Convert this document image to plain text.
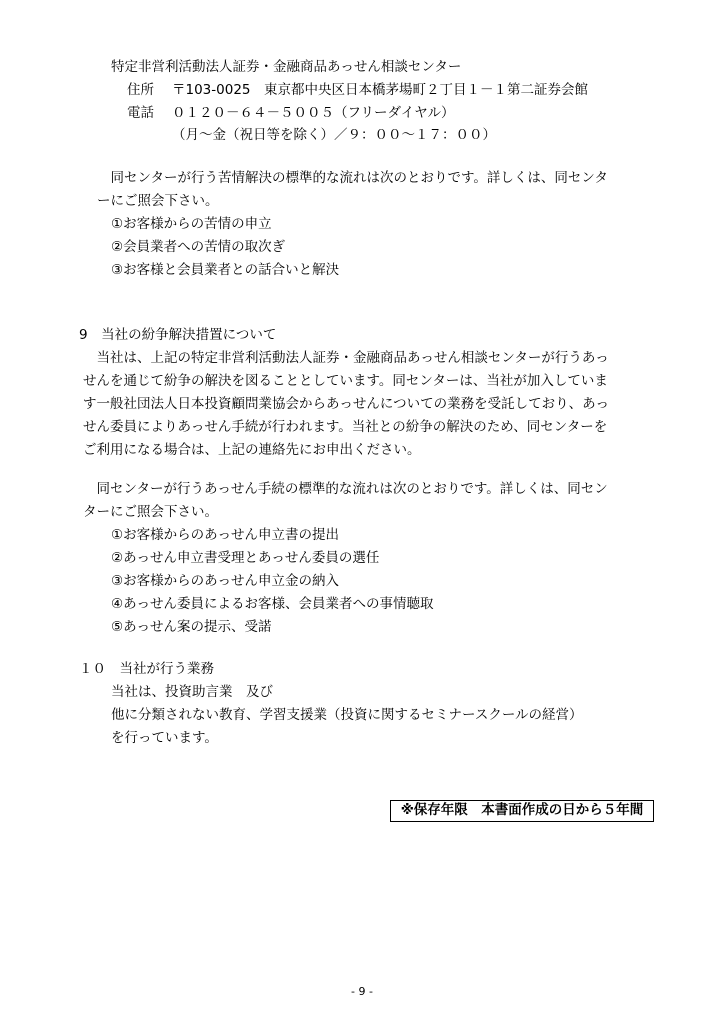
特定非営利活動法人証券・金融商品あっせん相談センター

住所 〒103‐0025　東京都中央区日本橋茅場町２丁目１－１第二証券会館

電話 ０１２０－６４－５００５（フリーダイヤル）

（月～金（祝日等を除く）／９：００～１７：００）

　同センターが行う苦情解決の標準的な流れは次のとおりです。詳しくは、同センタ

ーにご照会下さい。

①お客様からの苦情の申立

②会員業者への苦情の取次ぎ

③お客様と会員業者との話合いと解決

9　当社の紛争解決措置について

　当社は、上記の特定非営利活動法人証券・金融商品あっせん相談センターが行うあっ

せんを通じて紛争の解決を図ることとしています。同センターは、当社が加入していま

す一般社団法人日本投資顧問業協会からあっせんについての業務を受託しており、あっ

せん委員によりあっせん手続が行われます。当社との紛争の解決のため、同センターを

ご利用になる場合は、上記の連絡先にお申出ください。

　同センターが行うあっせん手続の標準的な流れは次のとおりです。詳しくは、同セン

ターにご照会下さい。

①お客様からのあっせん申立書の提出

②あっせん申立書受理とあっせん委員の選任

③お客様からのあっせん申立金の納入

④あっせん委員によるお客様、会員業者への事情聴取

⑤あっせん案の提示、受諾

１０　当社が行う業務

当社は、投資助言業　及び

他に分類されない教育、学習支援業（投資に関するセミナースクールの経営）

を行っています。

※保存年限　本書面作成の日から５年間
- 9 -
